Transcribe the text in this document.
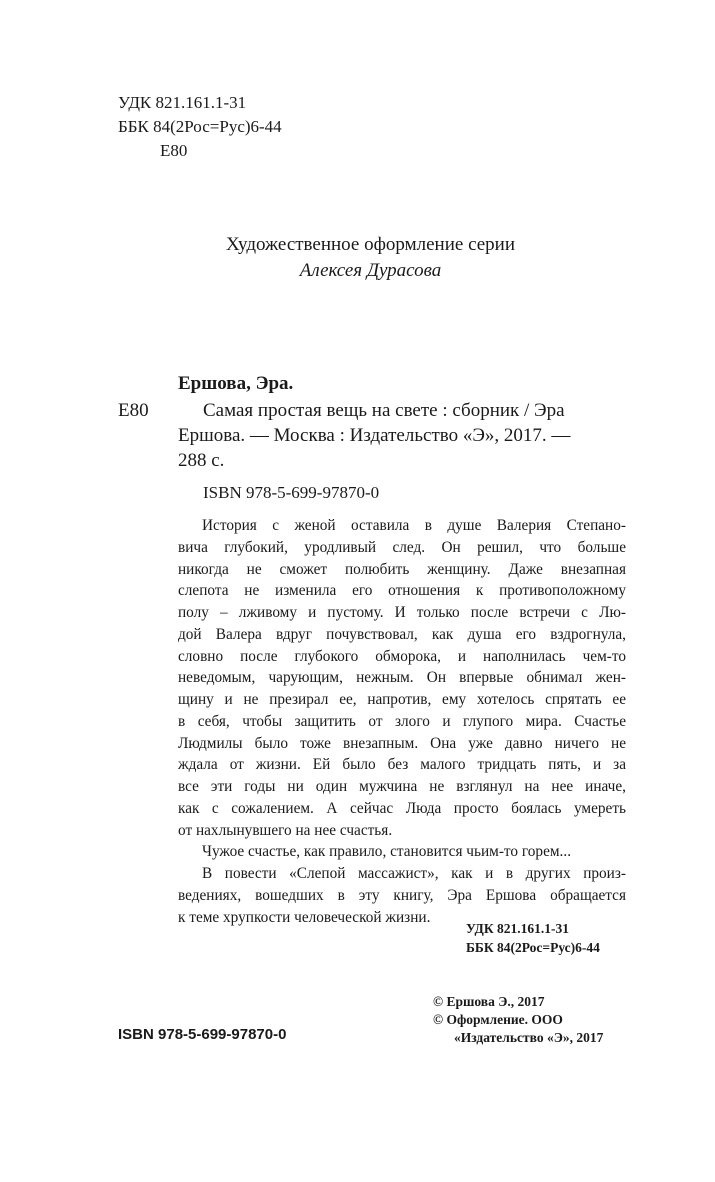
УДК 821.161.1-31
ББК 84(2Рос=Рус)6-44
Е80
Художественное оформление серии
Алексея Дурасова
Ершова, Эра.
Е80	Самая простая вещь на свете : сборник / Эра
Ершова. — Москва : Издательство «Э», 2017. —
288 с.
ISBN 978-5-699-97870-0

История с женой оставила в душе Валерия Степано-
вича глубокий, уродливый след. Он решил, что больше
никогда не сможет полюбить женщину. Даже внезапная
слепота не изменила его отношения к противоположному
полу – лживому и пустому. И только после встречи с Лю-
дой Валера вдруг почувствовал, как душа его вздрогнула,
словно после глубокого обморока, и наполнилась чем-то
неведомым, чарующим, нежным. Он впервые обнимал жен-
щину и не презирал ее, напротив, ему хотелось спрятать ее
в себя, чтобы защитить от злого и глупого мира. Счастье
Людмилы было тоже внезапным. Она уже давно ничего не
ждала от жизни. Ей было без малого тридцать пять, и за
все эти годы ни один мужчина не взглянул на нее иначе,
как с сожалением. А сейчас Люда просто боялась умереть
от нахлынувшего на нее счастья.

Чужое счастье, как правило, становится чьим-то горем...

В повести «Слепой массажист», как и в других произ-
ведениях, вошедших в эту книгу, Эра Ершова обращается
к теме хрупкости человеческой жизни.

УДК 821.161.1-31
ББК 84(2Рос=Рус)6-44
© Ершова Э., 2017
© Оформление. ООО
«Издательство «Э», 2017
ISBN 978-5-699-97870-0
